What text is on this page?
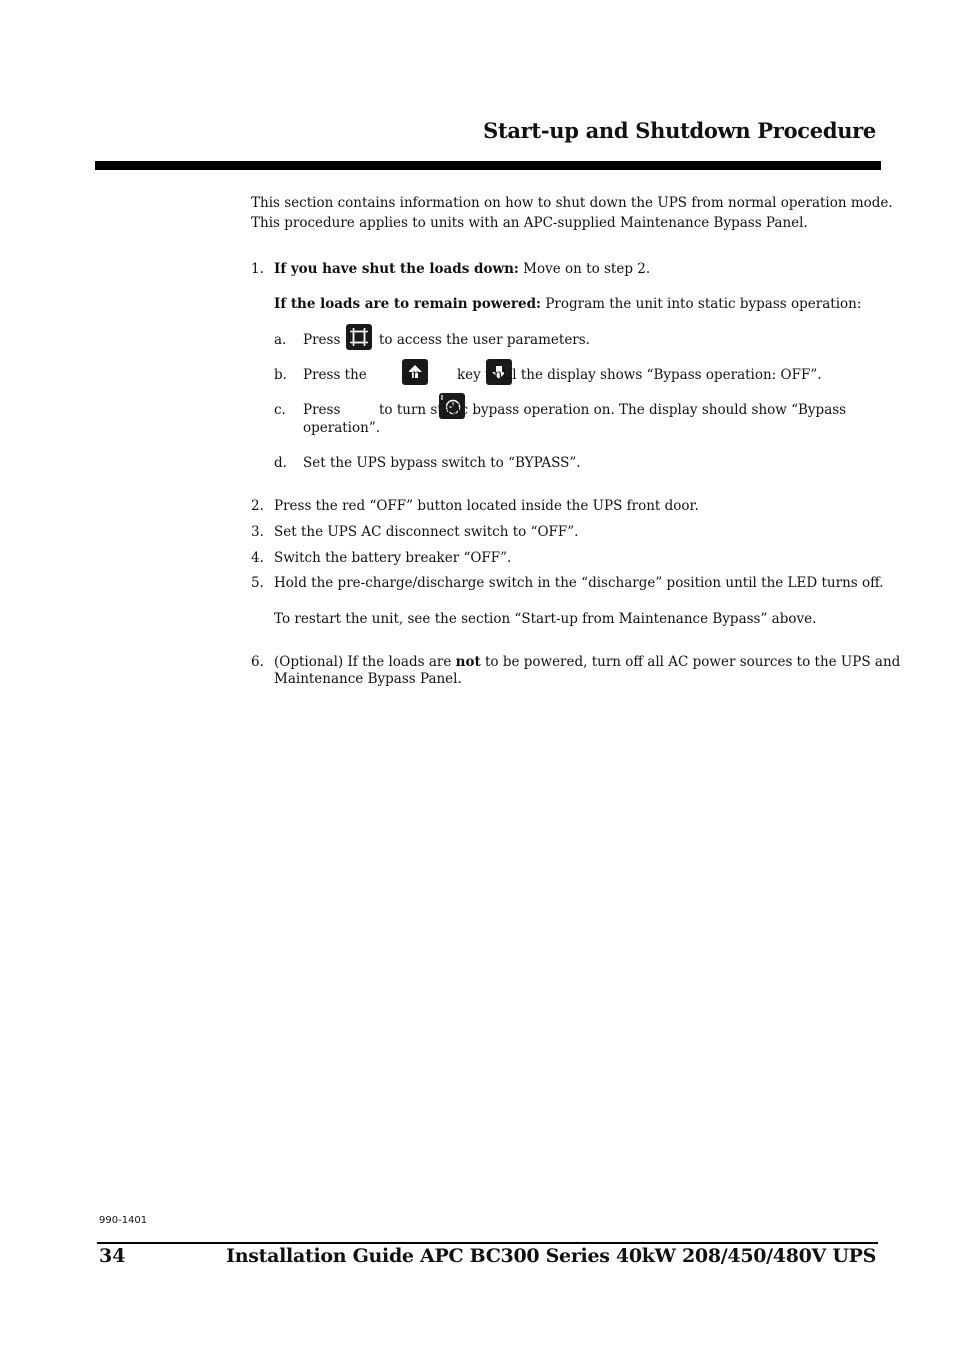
Start-up and Shutdown Procedure
This section contains information on how to shut down the UPS from normal operation mode.
This procedure applies to units with an APC-supplied Maintenance Bypass Panel.
1. If you have shut the loads down: Move on to step 2.
If the loads are to remain powered: Program the unit into static bypass operation:
a. Press
	to access the user parameters.
b. Press the
	or
	key until the display shows “Bypass operation: OFF”.
c. Press	to turn static bypass operation on. The display should show “Bypass
operation”.
d. Set the UPS bypass switch to “BYPASS”.
2. Press the red “OFF” button located inside the UPS front door.
3. Set the UPS AC disconnect switch to “OFF”.
4. Switch the battery breaker “OFF”.
5. Hold the pre-charge/discharge switch in the “discharge” position until the LED turns off.
To restart the unit, see the section “Start-up from Maintenance Bypass” above.
6. (Optional) If the loads are not to be powered, turn off all AC power sources to the UPS and
Maintenance Bypass Panel.
990-1401
34	Installation Guide APC BC300 Series 40kW 208/450/480V UPS
